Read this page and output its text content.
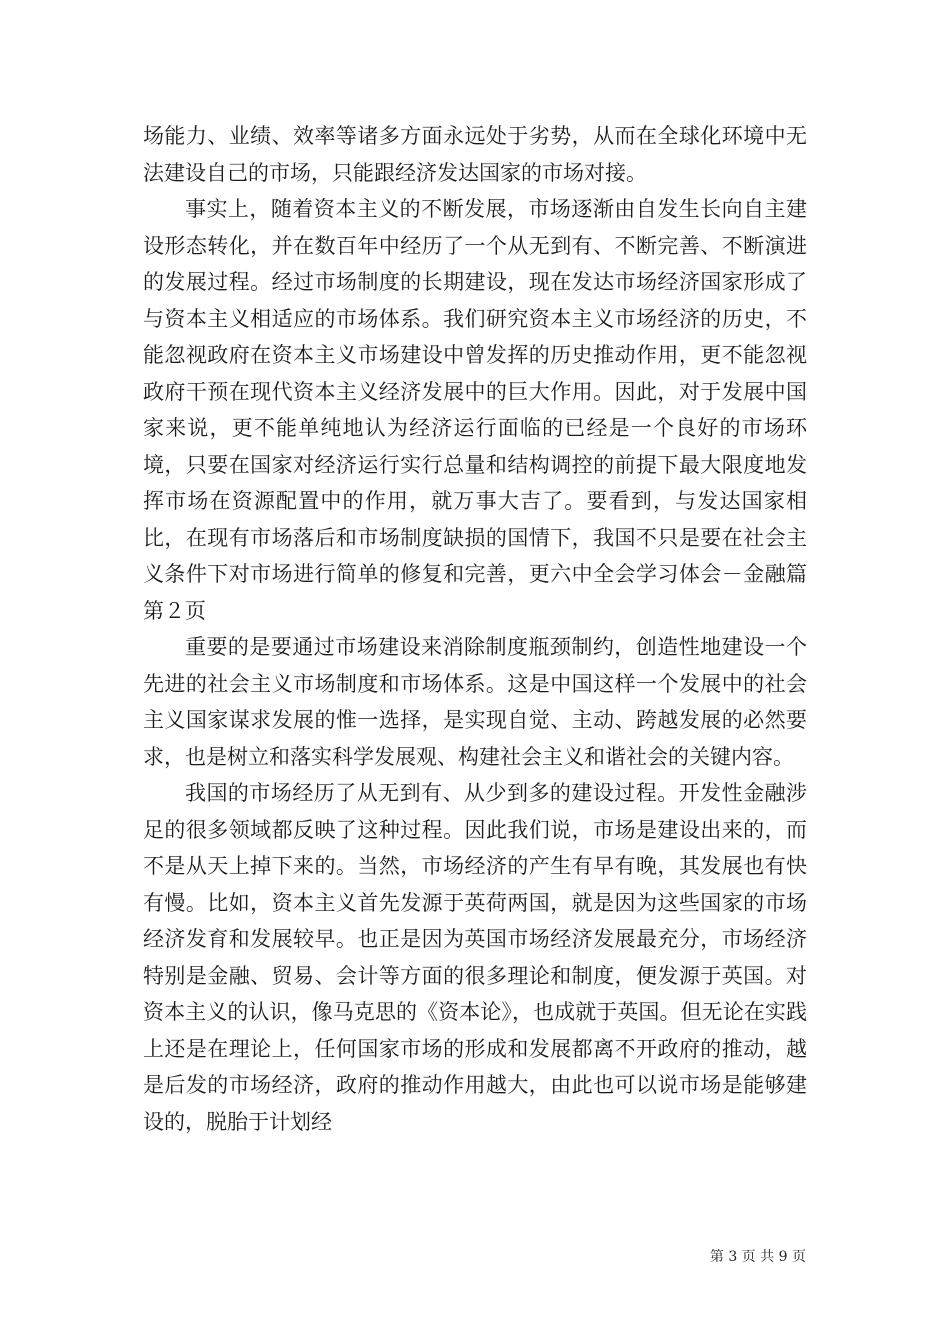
场能力、业绩、效率等诸多方面永远处于劣势，从而在全球化环境中无法建设自己的市场，只能跟经济发达国家的市场对接。

事实上，随着资本主义的不断发展，市场逐渐由自发生长向自主建设形态转化，并在数百年中经历了一个从无到有、不断完善、不断演进的发展过程。经过市场制度的长期建设，现在发达市场经济国家形成了与资本主义相适应的市场体系。我们研究资本主义市场经济的历史，不能忽视政府在资本主义市场建设中曾发挥的历史推动作用，更不能忽视政府干预在现代资本主义经济发展中的巨大作用。因此，对于发展中国家来说，更不能单纯地认为经济运行面临的已经是一个良好的市场环境，只要在国家对经济运行实行总量和结构调控的前提下最大限度地发挥市场在资源配置中的作用，就万事大吉了。要看到，与发达国家相比，在现有市场落后和市场制度缺损的国情下，我国不只是要在社会主义条件下对市场进行简单的修复和完善，更六中全会学习体会－金融篇第２页

重要的是要通过市场建设来消除制度瓶颈制约，创造性地建设一个先进的社会主义市场制度和市场体系。这是中国这样一个发展中的社会主义国家谋求发展的惟一选择，是实现自觉、主动、跨越发展的必然要求，也是树立和落实科学发展观、构建社会主义和谐社会的关键内容。

我国的市场经历了从无到有、从少到多的建设过程。开发性金融涉足的很多领域都反映了这种过程。因此我们说，市场是建设出来的，而不是从天上掉下来的。当然，市场经济的产生有早有晚，其发展也有快有慢。比如，资本主义首先发源于英荷两国，就是因为这些国家的市场经济发育和发展较早。也正是因为英国市场经济发展最充分，市场经济特别是金融、贸易、会计等方面的很多理论和制度，便发源于英国。对资本主义的认识，像马克思的《资本论》，也成就于英国。但无论在实践上还是在理论上，任何国家市场的形成和发展都离不开政府的推动，越是后发的市场经济，政府的推动作用越大，由此也可以说市场是能够建设的，脱胎于计划经

第 3 页 共 9 页
